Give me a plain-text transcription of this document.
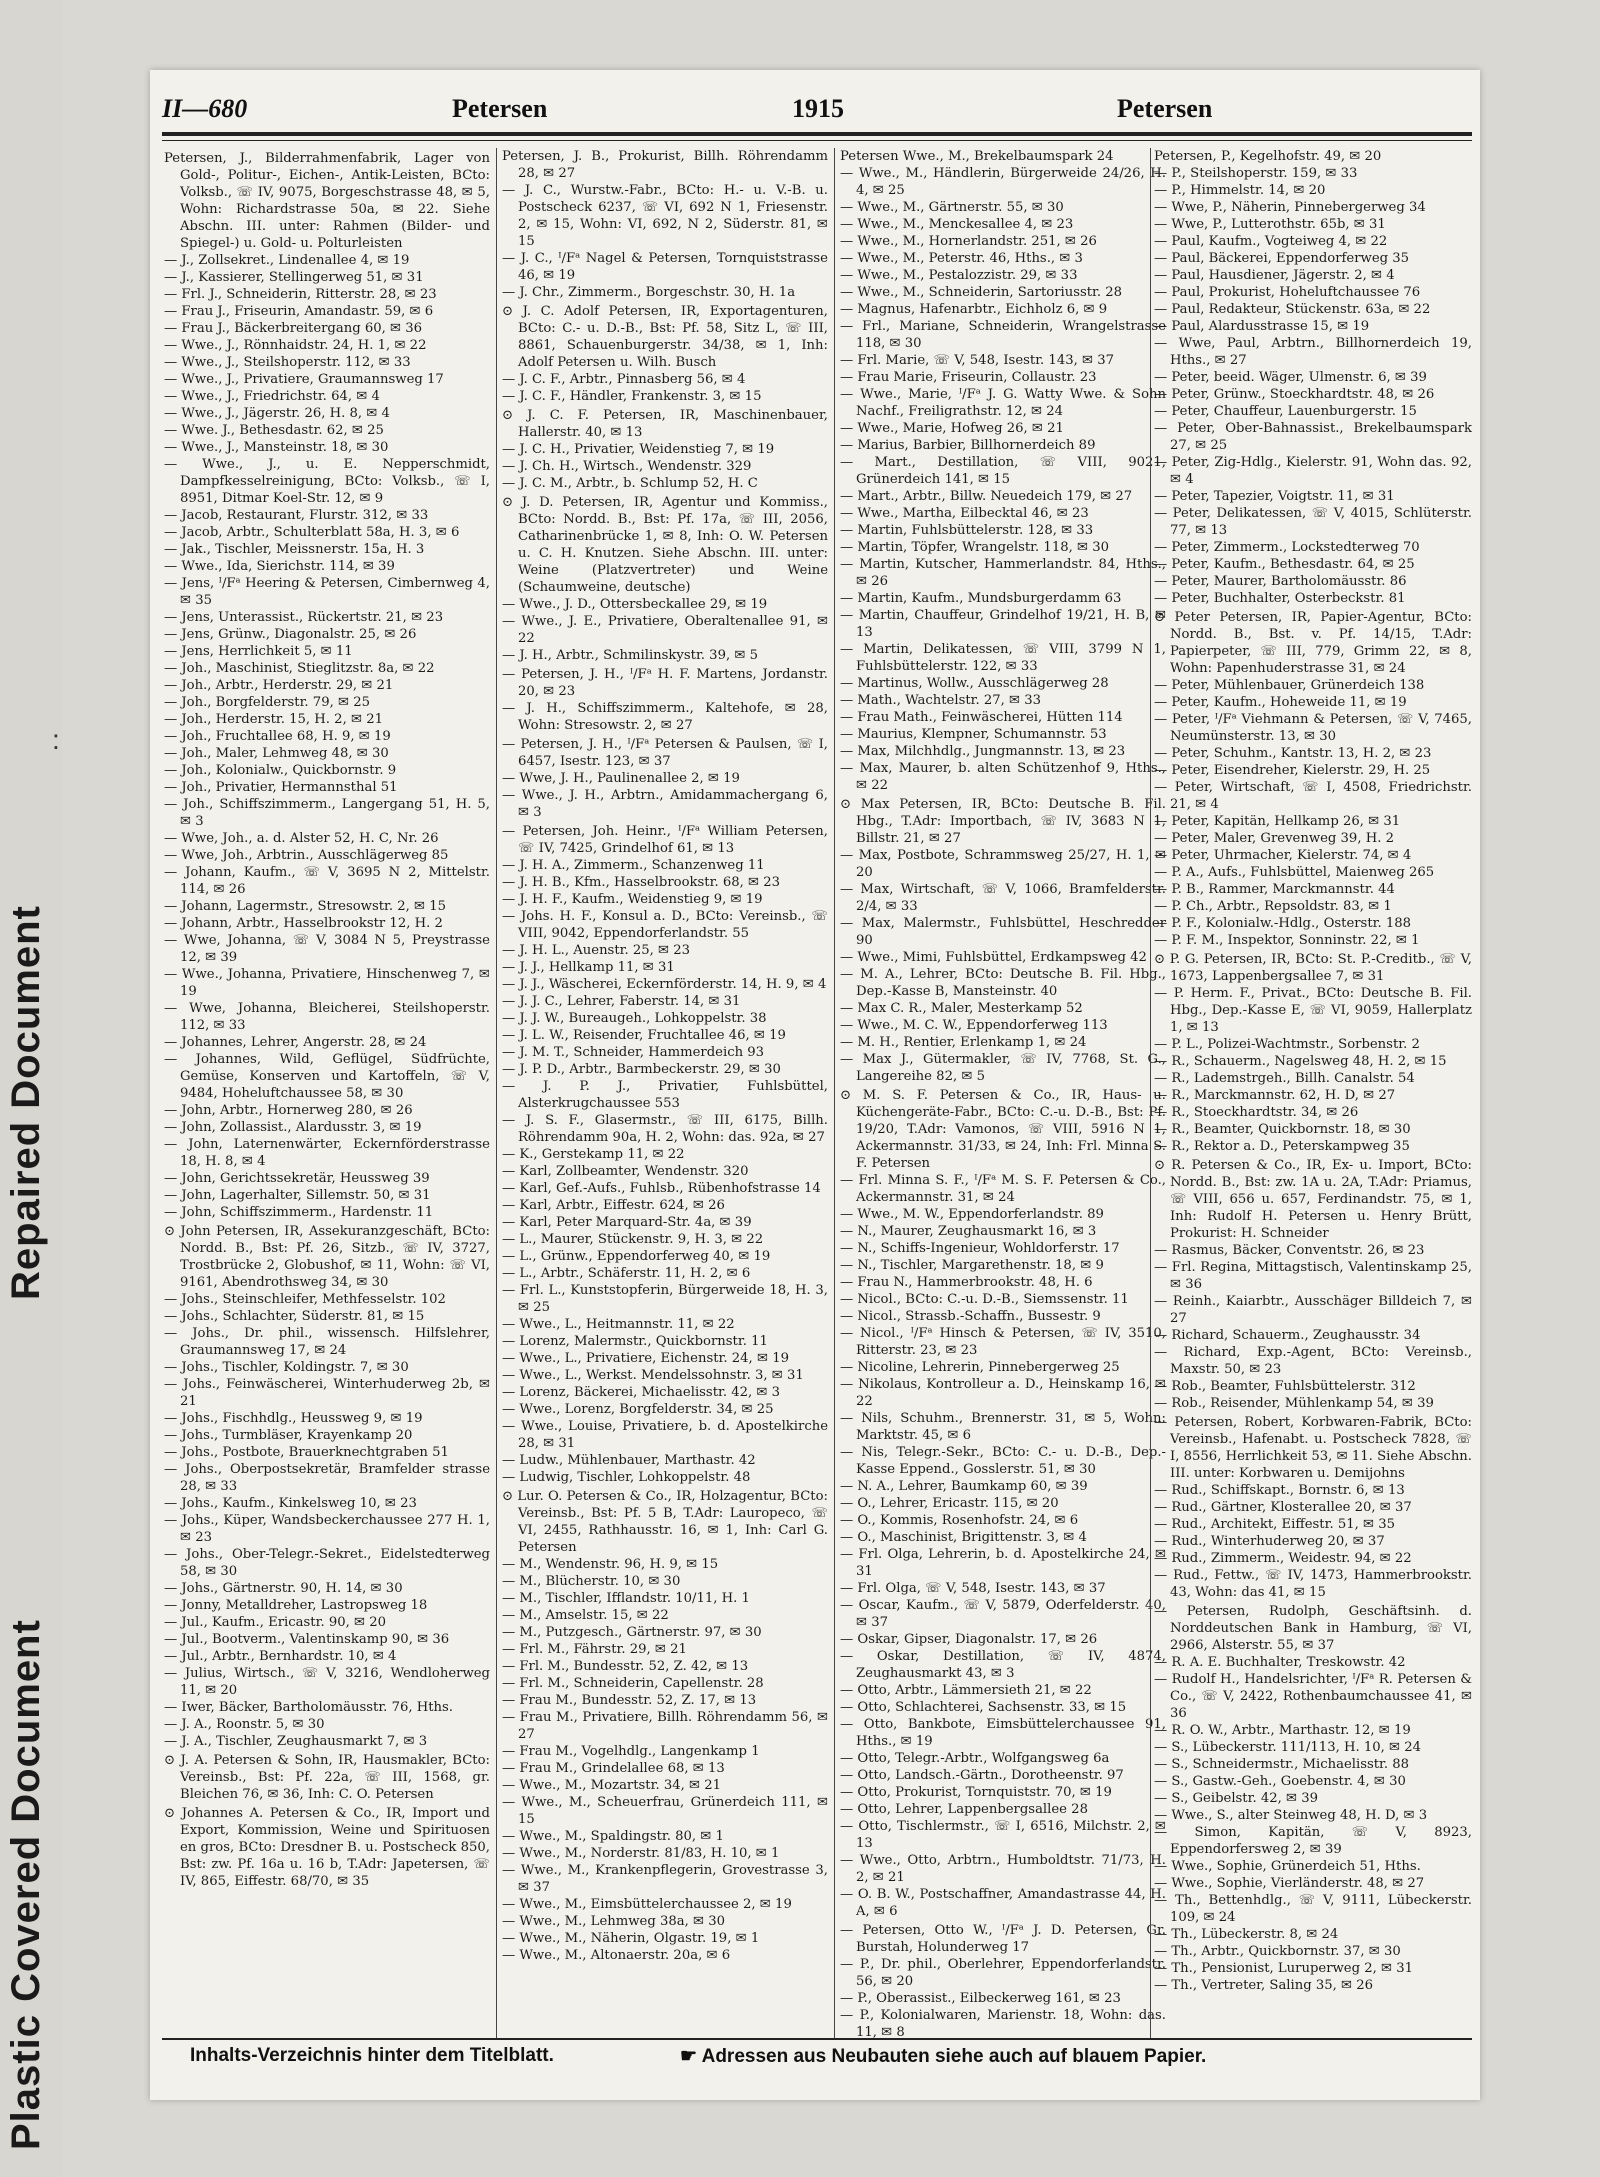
Repaired Document
Plastic Covered Document
:
II—680	Petersen	1915	Petersen
Petersen, J., Bilderrahmenfabrik, Lager von Gold-, Politur-, Eichen-, Antik-Leisten, BCto: Volksb., ☏ IV, 9075, Borgeschstrasse 48, ✉ 5, Wohn: Richardstrasse 50a, ✉ 22. Siehe Abschn. III. unter: Rahmen (Bilder- und Spiegel-) u. Gold- u. Polturleisten
— J., Zollsekret., Lindenallee 4, ✉ 19
— J., Kassierer, Stellingerweg 51, ✉ 31
— Frl. J., Schneiderin, Ritterstr. 28, ✉ 23
— Frau J., Friseurin, Amandastr. 59, ✉ 6
— Frau J., Bäckerbreitergang 60, ✉ 36
— Wwe., J., Rönnhaidstr. 24, H. 1, ✉ 22
— Wwe., J., Steilshoperstr. 112, ✉ 33
— Wwe., J., Privatiere, Graumannsweg 17
— Wwe., J., Friedrichstr. 64, ✉ 4
— Wwe., J., Jägerstr. 26, H. 8, ✉ 4
— Wwe. J., Bethesdastr. 62, ✉ 25
— Wwe., J., Mansteinstr. 18, ✉ 30
— Wwe., J., u. E. Nepperschmidt, Dampfkesselreinigung, BCto: Volksb., ☏ I, 8951, Ditmar Koel-Str. 12, ✉ 9
— Jacob, Restaurant, Flurstr. 312, ✉ 33
— Jacob, Arbtr., Schulterblatt 58a, H. 3, ✉ 6
— Jak., Tischler, Meissnerstr. 15a, H. 3
— Wwe., Ida, Sierichstr. 114, ✉ 39
— Jens, ᴵ/Fᵃ Heering & Petersen, Cimbernweg 4, ✉ 35
— Jens, Unterassist., Rückertstr. 21, ✉ 23
— Jens, Grünw., Diagonalstr. 25, ✉ 26
— Jens, Herrlichkeit 5, ✉ 11
— Joh., Maschinist, Stieglitzstr. 8a, ✉ 22
— Joh., Arbtr., Herderstr. 29, ✉ 21
— Joh., Borgfelderstr. 79, ✉ 25
— Joh., Herderstr. 15, H. 2, ✉ 21
— Joh., Fruchtallee 68, H. 9, ✉ 19
— Joh., Maler, Lehmweg 48, ✉ 30
— Joh., Kolonialw., Quickbornstr. 9
— Joh., Privatier, Hermannsthal 51
— Joh., Schiffszimmerm., Langergang 51, H. 5, ✉ 3
— Wwe, Joh., a. d. Alster 52, H. C, Nr. 26
— Wwe, Joh., Arbtrin., Ausschlägerweg 85
— Johann, Kaufm., ☏ V, 3695 N 2, Mittelstr. 114, ✉ 26
— Johann, Lagermstr., Stresowstr. 2, ✉ 15
— Johann, Arbtr., Hasselbrookstr 12, H. 2
— Wwe, Johanna, ☏ V, 3084 N 5, Preystrasse 12, ✉ 39
— Wwe., Johanna, Privatiere, Hinschenweg 7, ✉ 19
— Wwe, Johanna, Bleicherei, Steilshoperstr. 112, ✉ 33
— Johannes, Lehrer, Angerstr. 28, ✉ 24
— Johannes, Wild, Geflügel, Südfrüchte, Gemüse, Konserven und Kartoffeln, ☏ V, 9484, Hoheluftchaussee 58, ✉ 30
— John, Arbtr., Hornerweg 280, ✉ 26
— John, Zollassist., Alardusstr. 3, ✉ 19
— John, Laternenwärter, Eckernförderstrasse 18, H. 8, ✉ 4
— John, Gerichtssekretär, Heussweg 39
— John, Lagerhalter, Sillemstr. 50, ✉ 31
— John, Schiffszimmerm., Hardenstr. 11
⊙ John Petersen, IR, Assekuranzgeschäft, BCto: Nordd. B., Bst: Pf. 26, Sitzb., ☏ IV, 3727, Trostbrücke 2, Globushof, ✉ 11, Wohn: ☏ VI, 9161, Abendrothsweg 34, ✉ 30
— Johs., Steinschleifer, Methfesselstr. 102
— Johs., Schlachter, Süderstr. 81, ✉ 15
— Johs., Dr. phil., wissensch. Hilfslehrer, Graumannsweg 17, ✉ 24
— Johs., Tischler, Koldingstr. 7, ✉ 30
— Johs., Feinwäscherei, Winterhuderweg 2b, ✉ 21
— Johs., Fischhdlg., Heussweg 9, ✉ 19
— Johs., Turmbläser, Krayenkamp 20
— Johs., Postbote, Brauerknechtgraben 51
— Johs., Oberpostsekretär, Bramfelder strasse 28, ✉ 33
— Johs., Kaufm., Kinkelsweg 10, ✉ 23
— Johs., Küper, Wandsbeckerchaussee 277 H. 1, ✉ 23
— Johs., Ober-Telegr.-Sekret., Eidelstedterweg 58, ✉ 30
— Johs., Gärtnerstr. 90, H. 14, ✉ 30
— Jonny, Metalldreher, Lastropsweg 18
— Jul., Kaufm., Ericastr. 90, ✉ 20
— Jul., Bootverm., Valentinskamp 90, ✉ 36
— Jul., Arbtr., Bernhardstr. 10, ✉ 4
— Julius, Wirtsch., ☏ V, 3216, Wendloherweg 11, ✉ 20
— Iwer, Bäcker, Bartholomäusstr. 76, Hths.
— J. A., Roonstr. 5, ✉ 30
— J. A., Tischler, Zeughausmarkt 7, ✉ 3
⊙ J. A. Petersen & Sohn, IR, Hausmakler, BCto: Vereinsb., Bst: Pf. 22a, ☏ III, 1568, gr. Bleichen 76, ✉ 36, Inh: C. O. Petersen
⊙ Johannes A. Petersen & Co., IR, Import und Export, Kommission, Weine und Spirituosen en gros, BCto: Dresdner B. u. Postscheck 850, Bst: zw. Pf. 16a u. 16 b, T.Adr: Japetersen, ☏ IV, 865, Eiffestr. 68/70, ✉ 35
Petersen, J. B., Prokurist, Billh. Röhrendamm 28, ✉ 27
— J. C., Wurstw.-Fabr., BCto: H.- u. V.-B. u. Postscheck 6237, ☏ VI, 692 N 1, Friesenstr. 2, ✉ 15, Wohn: VI, 692, N 2, Süderstr. 81, ✉ 15
— J. C., ᴵ/Fᵃ Nagel & Petersen, Tornquiststrasse 46, ✉ 19
— J. Chr., Zimmerm., Borgeschstr. 30, H. 1a
⊙ J. C. Adolf Petersen, IR, Exportagenturen, BCto: C.- u. D.-B., Bst: Pf. 58, Sitz L, ☏ III, 8861, Schauenburgerstr. 34/38, ✉ 1, Inh: Adolf Petersen u. Wilh. Busch
— J. C. F., Arbtr., Pinnasberg 56, ✉ 4
— J. C. F., Händler, Frankenstr. 3, ✉ 15
⊙ J. C. F. Petersen, IR, Maschinenbauer, Hallerstr. 40, ✉ 13
— J. C. H., Privatier, Weidenstieg 7, ✉ 19
— J. Ch. H., Wirtsch., Wendenstr. 329
— J. C. M., Arbtr., b. Schlump 52, H. C
⊙ J. D. Petersen, IR, Agentur und Kommiss., BCto: Nordd. B., Bst: Pf. 17a, ☏ III, 2056, Catharinenbrücke 1, ✉ 8, Inh: O. W. Petersen u. C. H. Knutzen. Siehe Abschn. III. unter: Weine (Platzvertreter) und Weine (Schaumweine, deutsche)
— Wwe., J. D., Ottersbeckallee 29, ✉ 19
— Wwe., J. E., Privatiere, Oberaltenallee 91, ✉ 22
— J. H., Arbtr., Schmilinskystr. 39, ✉ 5
— Petersen, J. H., ᴵ/Fᵃ H. F. Martens, Jordanstr. 20, ✉ 23
— J. H., Schiffszimmerm., Kaltehofe, ✉ 28, Wohn: Stresowstr. 2, ✉ 27
— Petersen, J. H., ᴵ/Fᵃ Petersen & Paulsen, ☏ I, 6457, Isestr. 123, ✉ 37
— Wwe, J. H., Paulinenallee 2, ✉ 19
— Wwe., J. H., Arbtrn., Amidammachergang 6, ✉ 3
— Petersen, Joh. Heinr., ᴵ/Fᵃ William Petersen, ☏ IV, 7425, Grindelhof 61, ✉ 13
— J. H. A., Zimmerm., Schanzenweg 11
— J. H. B., Kfm., Hasselbrookstr. 68, ✉ 23
— J. H. F., Kaufm., Weidenstieg 9, ✉ 19
— Johs. H. F., Konsul a. D., BCto: Vereinsb., ☏ VIII, 9042, Eppendorferlandstr. 55
— J. H. L., Auenstr. 25, ✉ 23
— J. J., Hellkamp 11, ✉ 31
— J. J., Wäscherei, Eckernförderstr. 14, H. 9, ✉ 4
— J. J. C., Lehrer, Faberstr. 14, ✉ 31
— J. J. W., Bureaugeh., Lohkoppelstr. 38
— J. L. W., Reisender, Fruchtallee 46, ✉ 19
— J. M. T., Schneider, Hammerdeich 93
— J. P. D., Arbtr., Barmbeckerstr. 29, ✉ 30
— J. P. J., Privatier, Fuhlsbüttel, Alsterkrugchaussee 553
— J. S. F., Glasermstr., ☏ III, 6175, Billh. Röhrendamm 90a, H. 2, Wohn: das. 92a, ✉ 27
— K., Gerstekamp 11, ✉ 22
— Karl, Zollbeamter, Wendenstr. 320
— Karl, Gef.-Aufs., Fuhlsb., Rübenhofstrasse 14
— Karl, Arbtr., Eiffestr. 624, ✉ 26
— Karl, Peter Marquard-Str. 4a, ✉ 39
— L., Maurer, Stückenstr. 9, H. 3, ✉ 22
— L., Grünw., Eppendorferweg 40, ✉ 19
— L., Arbtr., Schäferstr. 11, H. 2, ✉ 6
— Frl. L., Kunststopferin, Bürgerweide 18, H. 3, ✉ 25
— Wwe., L., Heitmannstr. 11, ✉ 22
— Lorenz, Malermstr., Quickbornstr. 11
— Wwe., L., Privatiere, Eichenstr. 24, ✉ 19
— Wwe., L., Werkst. Mendelssohnstr. 3, ✉ 31
— Lorenz, Bäckerei, Michaelisstr. 42, ✉ 3
— Wwe., Lorenz, Borgfelderstr. 34, ✉ 25
— Wwe., Louise, Privatiere, b. d. Apostelkirche 28, ✉ 31
— Ludw., Mühlenbauer, Marthastr. 42
— Ludwig, Tischler, Lohkoppelstr. 48
⊙ Lur. O. Petersen & Co., IR, Holzagentur, BCto: Vereinsb., Bst: Pf. 5 B, T.Adr: Lauropeco, ☏ VI, 2455, Rathhausstr. 16, ✉ 1, Inh: Carl G. Petersen
— M., Wendenstr. 96, H. 9, ✉ 15
— M., Blücherstr. 10, ✉ 30
— M., Tischler, Ifflandstr. 10/11, H. 1
— M., Amselstr. 15, ✉ 22
— M., Putzgesch., Gärtnerstr. 97, ✉ 30
— Frl. M., Fährstr. 29, ✉ 21
— Frl. M., Bundesstr. 52, Z. 42, ✉ 13
— Frl. M., Schneiderin, Capellenstr. 28
— Frau M., Bundesstr. 52, Z. 17, ✉ 13
— Frau M., Privatiere, Billh. Röhrendamm 56, ✉ 27
— Frau M., Vogelhdlg., Langenkamp 1
— Frau M., Grindelallee 68, ✉ 13
— Wwe., M., Mozartstr. 34, ✉ 21
— Wwe., M., Scheuerfrau, Grünerdeich 111, ✉ 15
— Wwe., M., Spaldingstr. 80, ✉ 1
— Wwe., M., Norderstr. 81/83, H. 10, ✉ 1
— Wwe., M., Krankenpflegerin, Grovestrasse 3, ✉ 37
— Wwe., M., Eimsbüttelerchaussee 2, ✉ 19
— Wwe., M., Lehmweg 38a, ✉ 30
— Wwe., M., Näherin, Olgastr. 19, ✉ 1
— Wwe., M., Altonaerstr. 20a, ✉ 6
Petersen Wwe., M., Brekelbaumspark 24
— Wwe., M., Händlerin, Bürgerweide 24/26, H. 4, ✉ 25
— Wwe., M., Gärtnerstr. 55, ✉ 30
— Wwe., M., Menckesallee 4, ✉ 23
— Wwe., M., Hornerlandstr. 251, ✉ 26
— Wwe., M., Peterstr. 46, Hths., ✉ 3
— Wwe., M., Pestalozzistr. 29, ✉ 33
— Wwe., M., Schneiderin, Sartoriusstr. 28
— Magnus, Hafenarbtr., Eichholz 6, ✉ 9
— Frl., Mariane, Schneiderin, Wrangelstrasse 118, ✉ 30
— Frl. Marie, ☏ V, 548, Isestr. 143, ✉ 37
— Frau Marie, Friseurin, Collaustr. 23
— Wwe., Marie, ᴵ/Fᵃ J. G. Watty Wwe. & Sohn Nachf., Freiligrathstr. 12, ✉ 24
— Wwe., Marie, Hofweg 26, ✉ 21
— Marius, Barbier, Billhornerdeich 89
— Mart., Destillation, ☏ VIII, 9021, Grünerdeich 141, ✉ 15
— Mart., Arbtr., Billw. Neuedeich 179, ✉ 27
— Wwe., Martha, Eilbecktal 46, ✉ 23
— Martin, Fuhlsbüttelerstr. 128, ✉ 33
— Martin, Töpfer, Wrangelstr. 118, ✉ 30
— Martin, Kutscher, Hammerlandstr. 84, Hths., ✉ 26
— Martin, Kaufm., Mundsburgerdamm 63
— Martin, Chauffeur, Grindelhof 19/21, H. B, ✉ 13
— Martin, Delikatessen, ☏ VIII, 3799 N 1, Fuhlsbüttelerstr. 122, ✉ 33
— Martinus, Wollw., Ausschlägerweg 28
— Math., Wachtelstr. 27, ✉ 33
— Frau Math., Feinwäscherei, Hütten 114
— Maurius, Klempner, Schumannstr. 53
— Max, Milchhdlg., Jungmannstr. 13, ✉ 23
— Max, Maurer, b. alten Schützenhof 9, Hths., ✉ 22
⊙ Max Petersen, IR, BCto: Deutsche B. Fil. Hbg., T.Adr: Importbach, ☏ IV, 3683 N 1, Billstr. 21, ✉ 27
— Max, Postbote, Schrammsweg 25/27, H. 1, ✉ 20
— Max, Wirtschaft, ☏ V, 1066, Bramfelderstr. 2/4, ✉ 33
— Max, Malermstr., Fuhlsbüttel, Heschredder 90
— Wwe., Mimi, Fuhlsbüttel, Erdkampsweg 42
— M. A., Lehrer, BCto: Deutsche B. Fil. Hbg., Dep.-Kasse B, Mansteinstr. 40
— Max C. R., Maler, Mesterkamp 52
— Wwe., M. C. W., Eppendorferweg 113
— M. H., Rentier, Erlenkamp 1, ✉ 24
— Max J., Gütermakler, ☏ IV, 7768, St. G., Langereihe 82, ✉ 5
⊙ M. S. F. Petersen & Co., IR, Haus- u. Küchengeräte-Fabr., BCto: C.-u. D.-B., Bst: Pf. 19/20, T.Adr: Vamonos, ☏ VIII, 5916 N 1, Ackermannstr. 31/33, ✉ 24, Inh: Frl. Minna S. F. Petersen
— Frl. Minna S. F., ᴵ/Fᵃ M. S. F. Petersen & Co., Ackermannstr. 31, ✉ 24
— Wwe., M. W., Eppendorferlandstr. 89
— N., Maurer, Zeughausmarkt 16, ✉ 3
— N., Schiffs-Ingenieur, Wohldorferstr. 17
— N., Tischler, Margarethenstr. 18, ✉ 9
— Frau N., Hammerbrookstr. 48, H. 6
— Nicol., BCto: C.-u. D.-B., Siemssenstr. 11
— Nicol., Strassb.-Schaffn., Bussestr. 9
— Nicol., ᴵ/Fᵃ Hinsch & Petersen, ☏ IV, 3510, Ritterstr. 23, ✉ 23
— Nicoline, Lehrerin, Pinnebergerweg 25
— Nikolaus, Kontrolleur a. D., Heinskamp 16, ✉ 22
— Nils, Schuhm., Brennerstr. 31, ✉ 5, Wohn: Marktstr. 45, ✉ 6
— Nis, Telegr.-Sekr., BCto: C.- u. D.-B., Dep.-Kasse Eppend., Gosslerstr. 51, ✉ 30
— N. A., Lehrer, Baumkamp 60, ✉ 39
— O., Lehrer, Ericastr. 115, ✉ 20
— O., Kommis, Rosenhofstr. 24, ✉ 6
— O., Maschinist, Brigittenstr. 3, ✉ 4
— Frl. Olga, Lehrerin, b. d. Apostelkirche 24, ✉ 31
— Frl. Olga, ☏ V, 548, Isestr. 143, ✉ 37
— Oscar, Kaufm., ☏ V, 5879, Oderfelderstr. 40, ✉ 37
— Oskar, Gipser, Diagonalstr. 17, ✉ 26
— Oskar, Destillation, ☏ IV, 4874, Zeughausmarkt 43, ✉ 3
— Otto, Arbtr., Lämmersieth 21, ✉ 22
— Otto, Schlachterei, Sachsenstr. 33, ✉ 15
— Otto, Bankbote, Eimsbüttelerchaussee 91, Hths., ✉ 19
— Otto, Telegr.-Arbtr., Wolfgangsweg 6a
— Otto, Landsch.-Gärtn., Dorotheenstr. 97
— Otto, Prokurist, Tornquiststr. 70, ✉ 19
— Otto, Lehrer, Lappenbergsallee 28
— Otto, Tischlermstr., ☏ I, 6516, Milchstr. 2, ✉ 13
— Wwe., Otto, Arbtrn., Humboldtstr. 71/73, H. 2, ✉ 21
— O. B. W., Postschaffner, Amandastrasse 44, H. A, ✉ 6
— Petersen, Otto W., ᴵ/Fᵃ J. D. Petersen, Gr. Burstah, Holunderweg 17
— P., Dr. phil., Oberlehrer, Eppendorferlandstr. 56, ✉ 20
— P., Oberassist., Eilbeckerweg 161, ✉ 23
— P., Kolonialwaren, Marienstr. 18, Wohn: das. 11, ✉ 8
Petersen, P., Kegelhofstr. 49, ✉ 20
— P., Steilshoperstr. 159, ✉ 33
— P., Himmelstr. 14, ✉ 20
— Wwe, P., Näherin, Pinnebergerweg 34
— Wwe, P., Lutterothstr. 65b, ✉ 31
— Paul, Kaufm., Vogteiweg 4, ✉ 22
— Paul, Bäckerei, Eppendorferweg 35
— Paul, Hausdiener, Jägerstr. 2, ✉ 4
— Paul, Prokurist, Hoheluftchaussee 76
— Paul, Redakteur, Stückenstr. 63a, ✉ 22
— Paul, Alardusstrasse 15, ✉ 19
— Wwe, Paul, Arbtrn., Billhornerdeich 19, Hths., ✉ 27
— Peter, beeid. Wäger, Ulmenstr. 6, ✉ 39
— Peter, Grünw., Stoeckhardtstr. 48, ✉ 26
— Peter, Chauffeur, Lauenburgerstr. 15
— Peter, Ober-Bahnassist., Brekelbaumspark 27, ✉ 25
— Peter, Zig-Hdlg., Kielerstr. 91, Wohn das. 92, ✉ 4
— Peter, Tapezier, Voigtstr. 11, ✉ 31
— Peter, Delikatessen, ☏ V, 4015, Schlüterstr. 77, ✉ 13
— Peter, Zimmerm., Lockstedterweg 70
— Peter, Kaufm., Bethesdastr. 64, ✉ 25
— Peter, Maurer, Bartholomäusstr. 86
— Peter, Buchhalter, Osterbeckstr. 81
⊙ Peter Petersen, IR, Papier-Agentur, BCto: Nordd. B., Bst. v. Pf. 14/15, T.Adr: Papierpeter, ☏ III, 779, Grimm 22, ✉ 8, Wohn: Papenhuderstrasse 31, ✉ 24
— Peter, Mühlenbauer, Grünerdeich 138
— Peter, Kaufm., Hoheweide 11, ✉ 19
— Peter, ᴵ/Fᵃ Viehmann & Petersen, ☏ V, 7465, Neumünsterstr. 13, ✉ 30
— Peter, Schuhm., Kantstr. 13, H. 2, ✉ 23
— Peter, Eisendreher, Kielerstr. 29, H. 25
— Peter, Wirtschaft, ☏ I, 4508, Friedrichstr. 21, ✉ 4
— Peter, Kapitän, Hellkamp 26, ✉ 31
— Peter, Maler, Grevenweg 39, H. 2
— Peter, Uhrmacher, Kielerstr. 74, ✉ 4
— P. A., Aufs., Fuhlsbüttel, Maienweg 265
— P. B., Rammer, Marckmannstr. 44
— P. Ch., Arbtr., Repsoldstr. 83, ✉ 1
— P. F., Kolonialw.-Hdlg., Osterstr. 188
— P. F. M., Inspektor, Sonninstr. 22, ✉ 1
⊙ P. G. Petersen, IR, BCto: St. P.-Creditb., ☏ V, 1673, Lappenbergsallee 7, ✉ 31
— P. Herm. F., Privat., BCto: Deutsche B. Fil. Hbg., Dep.-Kasse E, ☏ VI, 9059, Hallerplatz 1, ✉ 13
— P. L., Polizei-Wachtmstr., Sorbenstr. 2
— R., Schauerm., Nagelsweg 48, H. 2, ✉ 15
— R., Lademstrgeh., Billh. Canalstr. 54
— R., Marckmannstr. 62, H. D, ✉ 27
— R., Stoeckhardtstr. 34, ✉ 26
— R., Beamter, Quickbornstr. 18, ✉ 30
— R., Rektor a. D., Peterskampweg 35
⊙ R. Petersen & Co., IR, Ex- u. Import, BCto: Nordd. B., Bst: zw. 1A u. 2A, T.Adr: Priamus, ☏ VIII, 656 u. 657, Ferdinandstr. 75, ✉ 1, Inh: Rudolf H. Petersen u. Henry Brütt, Prokurist: H. Schneider
— Rasmus, Bäcker, Conventstr. 26, ✉ 23
— Frl. Regina, Mittagstisch, Valentinskamp 25, ✉ 36
— Reinh., Kaiarbtr., Ausschäger Billdeich 7, ✉ 27
— Richard, Schauerm., Zeughausstr. 34
— Richard, Exp.-Agent, BCto: Vereinsb., Maxstr. 50, ✉ 23
— Rob., Beamter, Fuhlsbüttelerstr. 312
— Rob., Reisender, Mühlenkamp 54, ✉ 39
— Petersen, Robert, Korbwaren-Fabrik, BCto: Vereinsb., Hafenabt. u. Postscheck 7828, ☏ I, 8556, Herrlichkeit 53, ✉ 11. Siehe Abschn. III. unter: Korbwaren u. Demijohns
— Rud., Schiffskapt., Bornstr. 6, ✉ 13
— Rud., Gärtner, Klosterallee 20, ✉ 37
— Rud., Architekt, Eiffestr. 51, ✉ 35
— Rud., Winterhuderweg 20, ✉ 37
— Rud., Zimmerm., Weidestr. 94, ✉ 22
— Rud., Fettw., ☏ IV, 1473, Hammerbrookstr. 43, Wohn: das 41, ✉ 15
— Petersen, Rudolph, Geschäftsinh. d. Norddeutschen Bank in Hamburg, ☏ VI, 2966, Alsterstr. 55, ✉ 37
— R. A. E. Buchhalter, Treskowstr. 42
— Rudolf H., Handelsrichter, ᴵ/Fᵃ R. Petersen & Co., ☏ V, 2422, Rothenbaumchaussee 41, ✉ 36
— R. O. W., Arbtr., Marthastr. 12, ✉ 19
— S., Lübeckerstr. 111/113, H. 10, ✉ 24
— S., Schneidermstr., Michaelisstr. 88
— S., Gastw.-Geh., Goebenstr. 4, ✉ 30
— S., Geibelstr. 42, ✉ 39
— Wwe., S., alter Steinweg 48, H. D, ✉ 3
— Simon, Kapitän, ☏ V, 8923, Eppendorfersweg 2, ✉ 39
— Wwe., Sophie, Grünerdeich 51, Hths.
— Wwe., Sophie, Vierländerstr. 48, ✉ 27
— Th., Bettenhdlg., ☏ V, 9111, Lübeckerstr. 109, ✉ 24
— Th., Lübeckerstr. 8, ✉ 24
— Th., Arbtr., Quickbornstr. 37, ✉ 30
— Th., Pensionist, Luruperweg 2, ✉ 31
— Th., Vertreter, Saling 35, ✉ 26
Inhalts-Verzeichnis hinter dem Titelblatt.	☛ Adressen aus Neubauten siehe auch auf blauem Papier.
